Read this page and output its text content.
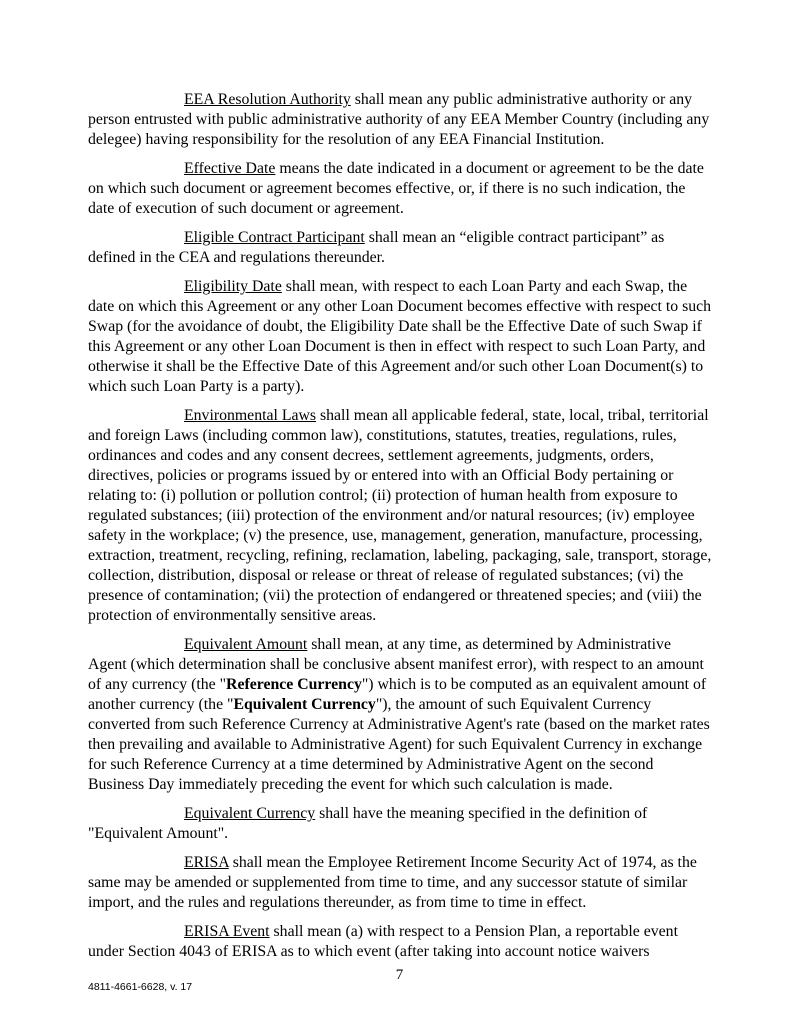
EEA Resolution Authority shall mean any public administrative authority or any person entrusted with public administrative authority of any EEA Member Country (including any delegee) having responsibility for the resolution of any EEA Financial Institution.

Effective Date means the date indicated in a document or agreement to be the date on which such document or agreement becomes effective, or, if there is no such indication, the date of execution of such document or agreement.

Eligible Contract Participant shall mean an “eligible contract participant” as defined in the CEA and regulations thereunder.

Eligibility Date shall mean, with respect to each Loan Party and each Swap, the date on which this Agreement or any other Loan Document becomes effective with respect to such Swap (for the avoidance of doubt, the Eligibility Date shall be the Effective Date of such Swap if this Agreement or any other Loan Document is then in effect with respect to such Loan Party, and otherwise it shall be the Effective Date of this Agreement and/or such other Loan Document(s) to which such Loan Party is a party).

Environmental Laws shall mean all applicable federal, state, local, tribal, territorial and foreign Laws (including common law), constitutions, statutes, treaties, regulations, rules, ordinances and codes and any consent decrees, settlement agreements, judgments, orders, directives, policies or programs issued by or entered into with an Official Body pertaining or relating to: (i) pollution or pollution control; (ii) protection of human health from exposure to regulated substances; (iii) protection of the environment and/or natural resources; (iv) employee safety in the workplace; (v) the presence, use, management, generation, manufacture, processing, extraction, treatment, recycling, refining, reclamation, labeling, packaging, sale, transport, storage, collection, distribution, disposal or release or threat of release of regulated substances; (vi) the presence of contamination; (vii) the protection of endangered or threatened species; and (viii) the protection of environmentally sensitive areas.

Equivalent Amount shall mean, at any time, as determined by Administrative Agent (which determination shall be conclusive absent manifest error), with respect to an amount of any currency (the "Reference Currency") which is to be computed as an equivalent amount of another currency (the "Equivalent Currency"), the amount of such Equivalent Currency converted from such Reference Currency at Administrative Agent's rate (based on the market rates then prevailing and available to Administrative Agent) for such Equivalent Currency in exchange for such Reference Currency at a time determined by Administrative Agent on the second Business Day immediately preceding the event for which such calculation is made.

Equivalent Currency shall have the meaning specified in the definition of "Equivalent Amount".

ERISA shall mean the Employee Retirement Income Security Act of 1974, as the same may be amended or supplemented from time to time, and any successor statute of similar import, and the rules and regulations thereunder, as from time to time in effect.

ERISA Event shall mean (a) with respect to a Pension Plan, a reportable event under Section 4043 of ERISA as to which event (after taking into account notice waivers

7
4811-4661-6628, v. 17
